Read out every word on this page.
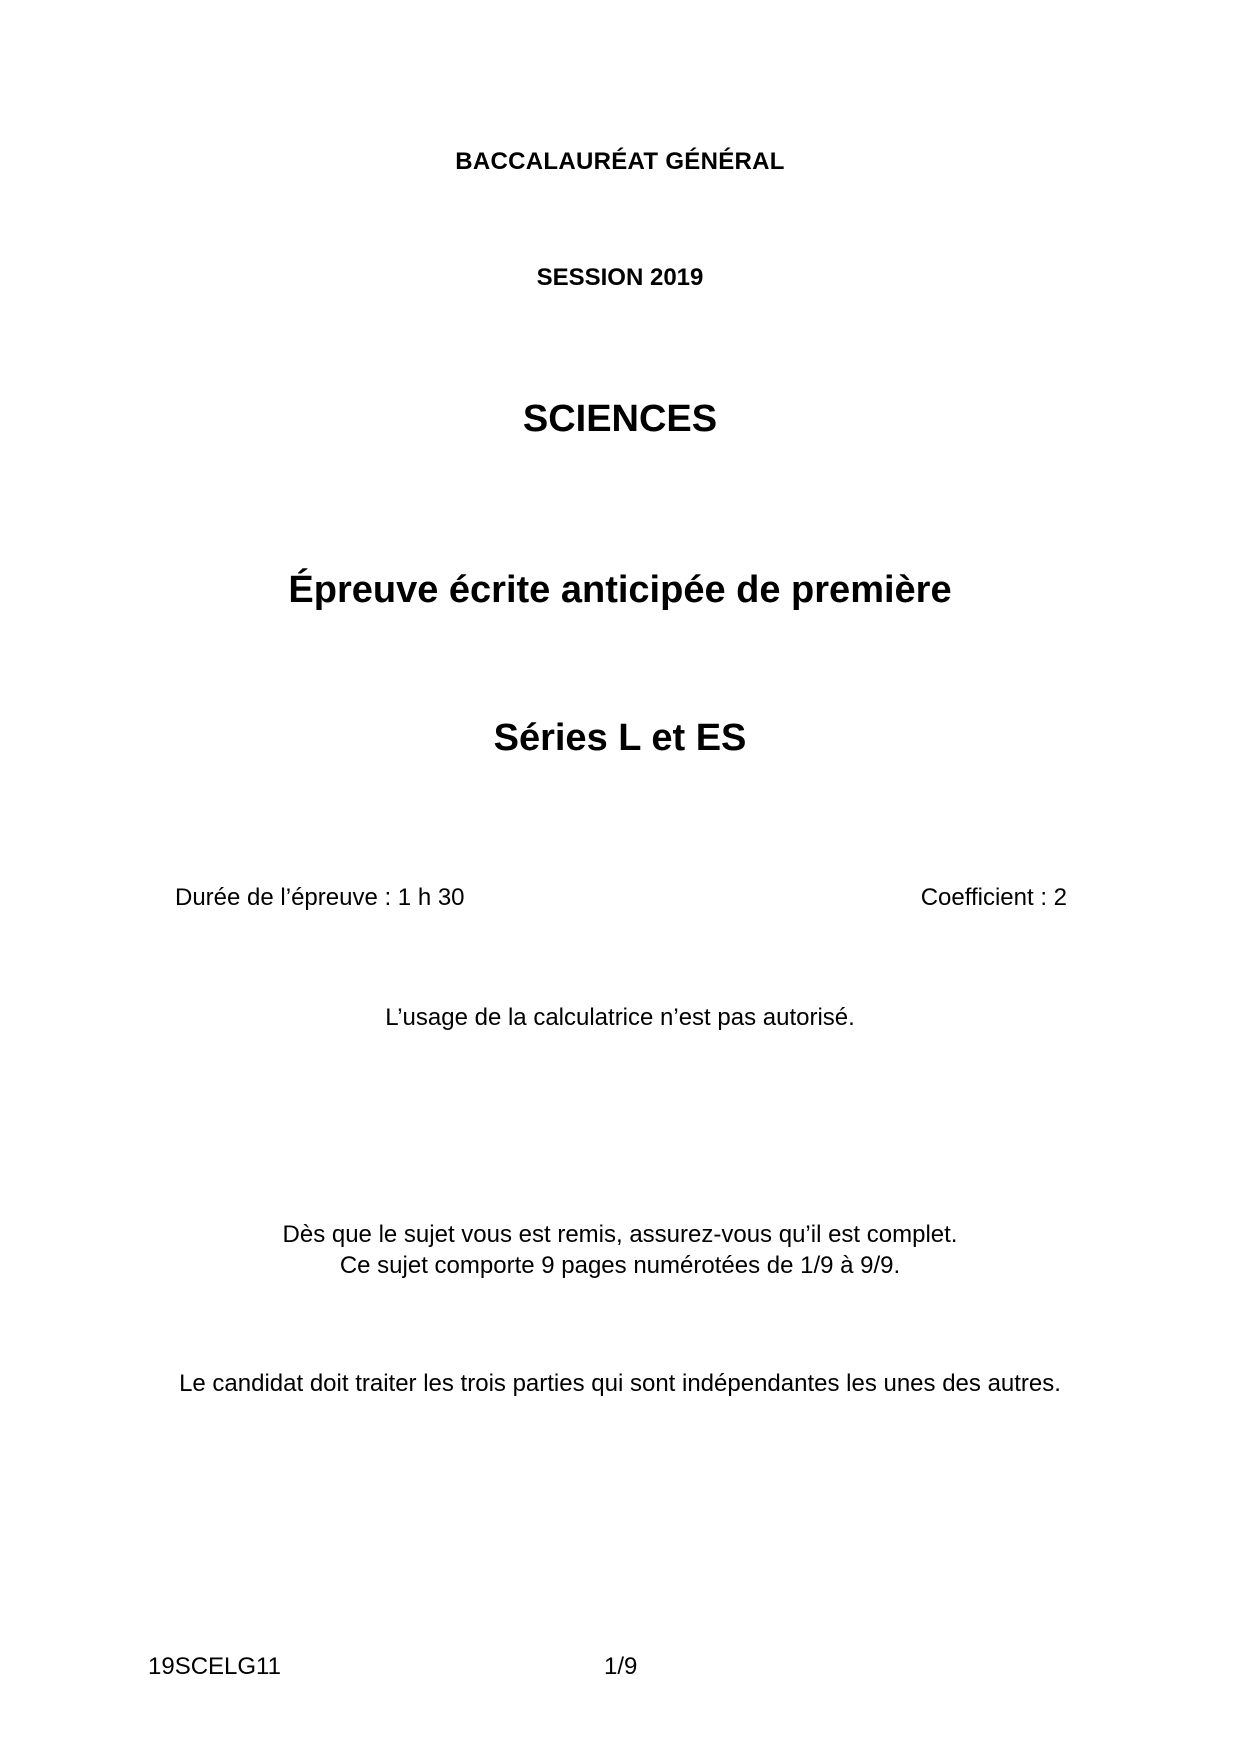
BACCALAURÉAT GÉNÉRAL
SESSION 2019
SCIENCES
Épreuve écrite anticipée de première
Séries L et ES
Durée de l’épreuve : 1 h 30	Coefficient : 2
L’usage de la calculatrice n’est pas autorisé.
Dès que le sujet vous est remis, assurez-vous qu’il est complet.
Ce sujet comporte 9 pages numérotées de 1/9 à 9/9.
Le candidat doit traiter les trois parties qui sont indépendantes les unes des autres.
19SCELG11	1/9
